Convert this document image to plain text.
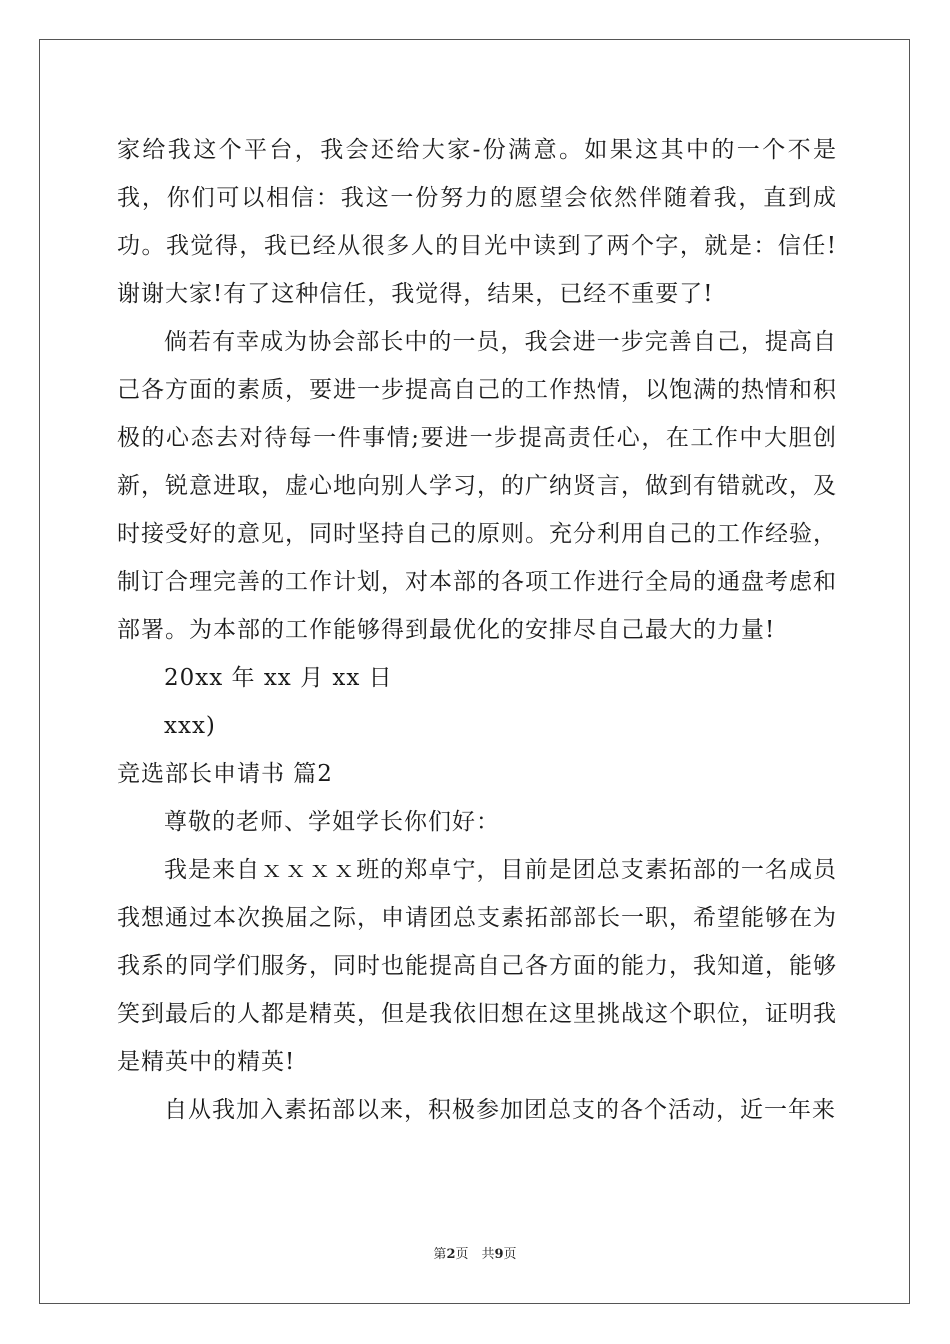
家给我这个平台，我会还给大家-份满意。如果这其中的一个不是我，你们可以相信：我这一份努力的愿望会依然伴随着我，直到成功。我觉得，我已经从很多人的目光中读到了两个字，就是：信任!谢谢大家!有了这种信任，我觉得，结果，已经不重要了!

倘若有幸成为协会部长中的一员，我会进一步完善自己，提高自己各方面的素质，要进一步提高自己的工作热情，以饱满的热情和积极的心态去对待每一件事情;要进一步提高责任心，在工作中大胆创新，锐意进取，虚心地向别人学习，的广纳贤言，做到有错就改，及时接受好的意见，同时坚持自己的原则。充分利用自己的工作经验，制订合理完善的工作计划，对本部的各项工作进行全局的通盘考虑和部署。为本部的工作能够得到最优化的安排尽自己最大的力量!

20xx 年 xx 月 xx 日

xxx)

竞选部长申请书 篇2

尊敬的老师、学姐学长你们好：

我是来自ｘｘｘｘ班的郑卓宁，目前是团总支素拓部的一名成员我想通过本次换届之际，申请团总支素拓部部长一职，希望能够在为我系的同学们服务，同时也能提高自己各方面的能力，我知道，能够笑到最后的人都是精英，但是我依旧想在这里挑战这个职位，证明我是精英中的精英!

自从我加入素拓部以来，积极参加团总支的各个活动，近一年来

第2页　共9页
